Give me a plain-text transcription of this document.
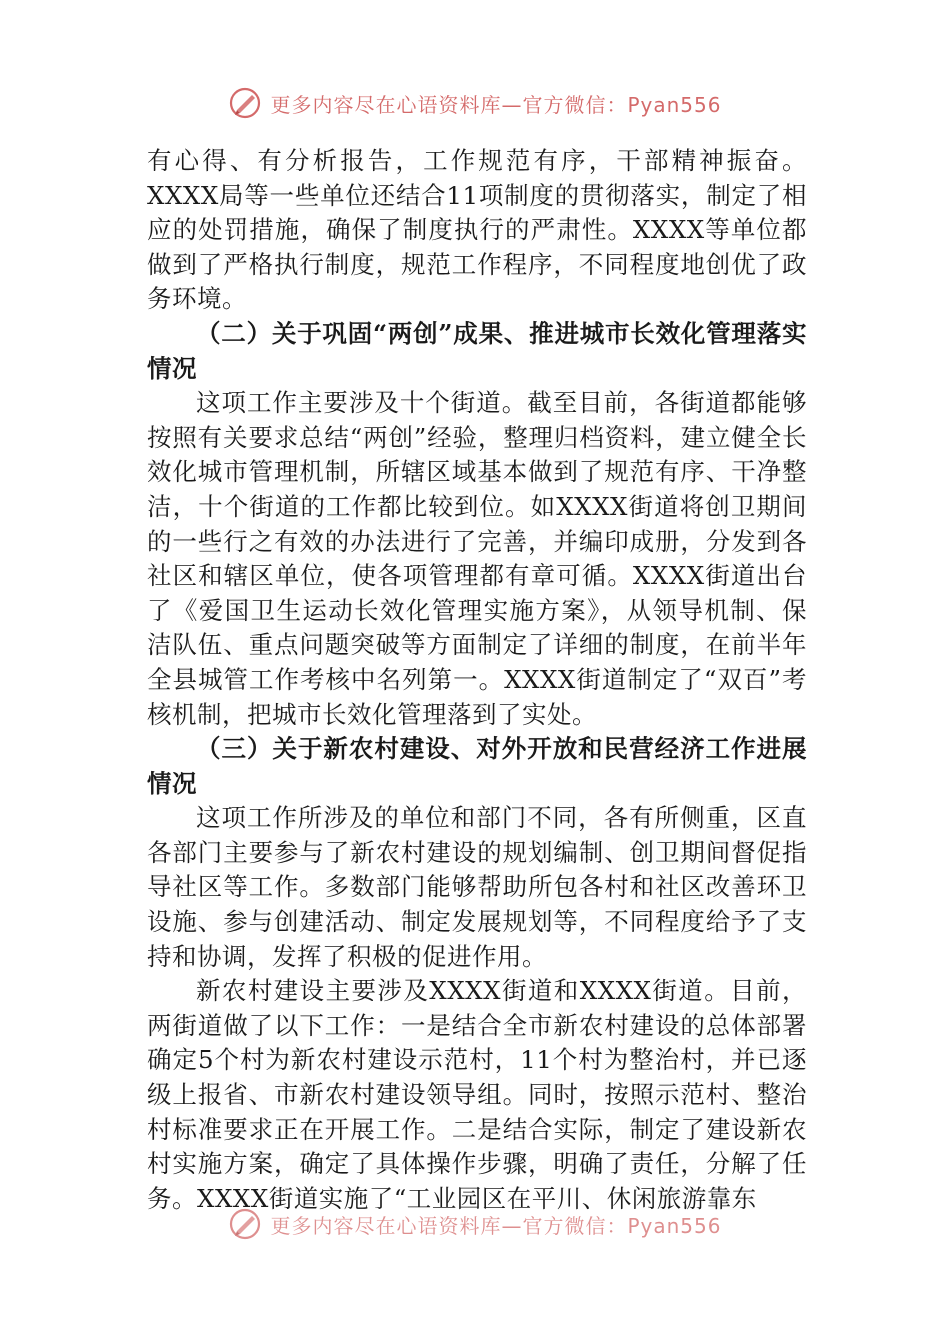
更多内容尽在心语资料库—官方微信：Pyan556

有心得、有分析报告，工作规范有序，干部精神振奋。XXXX局等一些单位还结合11项制度的贯彻落实，制定了相应的处罚措施，确保了制度执行的严肃性。XXXX等单位都做到了严格执行制度，规范工作程序，不同程度地创优了政务环境。

（二）关于巩固“两创”成果、推进城市长效化管理落实情况

这项工作主要涉及十个街道。截至目前，各街道都能够按照有关要求总结“两创”经验，整理归档资料，建立健全长效化城市管理机制，所辖区域基本做到了规范有序、干净整洁，十个街道的工作都比较到位。如XXXX街道将创卫期间的一些行之有效的办法进行了完善，并编印成册，分发到各社区和辖区单位，使各项管理都有章可循。XXXX街道出台了《爱国卫生运动长效化管理实施方案》，从领导机制、保洁队伍、重点问题突破等方面制定了详细的制度，在前半年全县城管工作考核中名列第一。XXXX街道制定了“双百”考核机制，把城市长效化管理落到了实处。

（三）关于新农村建设、对外开放和民营经济工作进展情况

这项工作所涉及的单位和部门不同，各有所侧重，区直各部门主要参与了新农村建设的规划编制、创卫期间督促指导社区等工作。多数部门能够帮助所包各村和社区改善环卫设施、参与创建活动、制定发展规划等，不同程度给予了支持和协调，发挥了积极的促进作用。

新农村建设主要涉及XXXX街道和XXXX街道。目前，两街道做了以下工作：一是结合全市新农村建设的总体部署确定5个村为新农村建设示范村，11个村为整治村，并已逐级上报省、市新农村建设领导组。同时，按照示范村、整治村标准要求正在开展工作。二是结合实际，制定了建设新农村实施方案，确定了具体操作步骤，明确了责任，分解了任务。XXXX街道实施了“工业园区在平川、休闲旅游靠东

更多内容尽在心语资料库—官方微信：Pyan556
